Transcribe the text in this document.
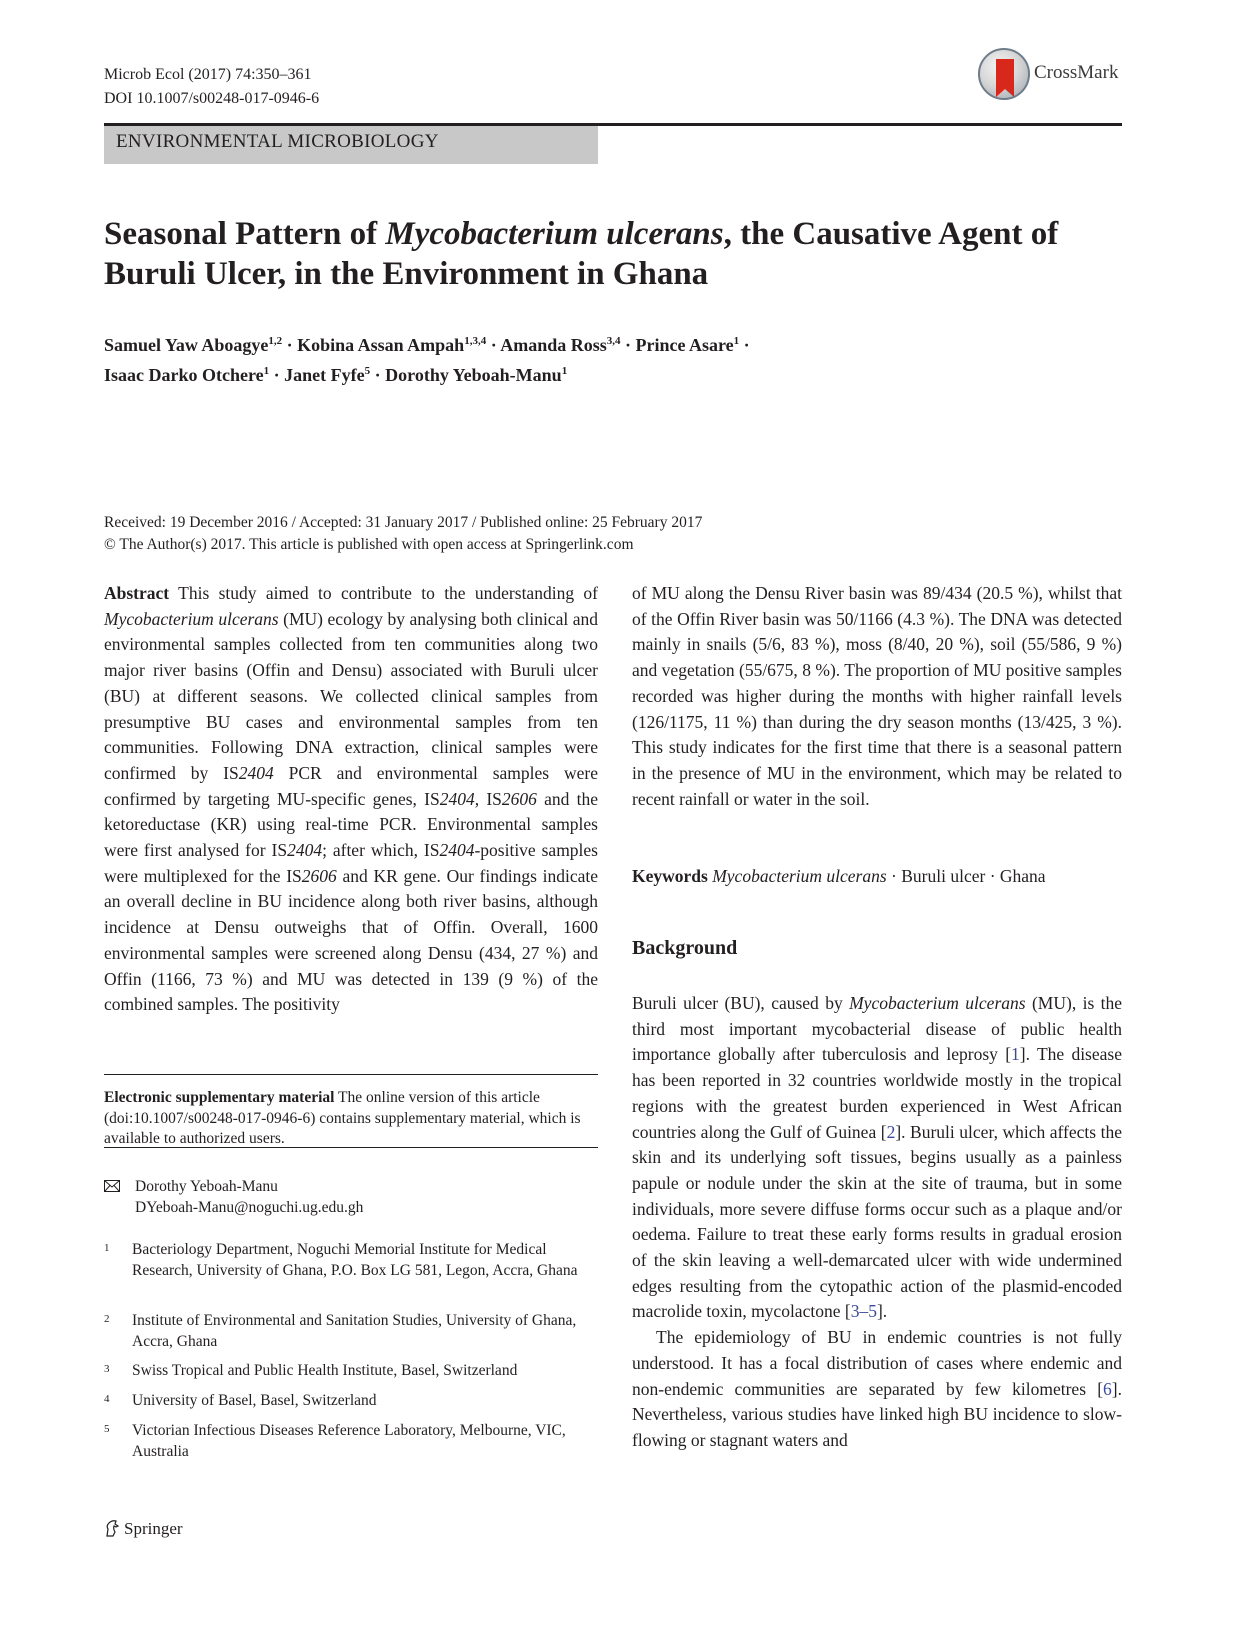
Microb Ecol (2017) 74:350–361
DOI 10.1007/s00248-017-0946-6
CrossMark
ENVIRONMENTAL MICROBIOLOGY
Seasonal Pattern of Mycobacterium ulcerans, the Causative Agent of Buruli Ulcer, in the Environment in Ghana
Samuel Yaw Aboagye$^{1,2}$ · Kobina Assan Ampah$^{1,3,4}$ · Amanda Ross$^{3,4}$ · Prince Asare$^1$ ·
Isaac Darko Otchere$^1$ · Janet Fyfe$^5$ · Dorothy Yeboah-Manu$^1$
Received: 19 December 2016 / Accepted: 31 January 2017 / Published online: 25 February 2017
© The Author(s) 2017. This article is published with open access at Springerlink.com
Abstract This study aimed to contribute to the understanding of Mycobacterium ulcerans (MU) ecology by analysing both clinical and environmental samples collected from ten communities along two major river basins (Offin and Densu) associated with Buruli ulcer (BU) at different seasons. We collected clinical samples from presumptive BU cases and environmental samples from ten communities. Following DNA extraction, clinical samples were confirmed by IS2404 PCR and environmental samples were confirmed by targeting MU-specific genes, IS2404, IS2606 and the ketoreductase (KR) using real-time PCR. Environmental samples were first analysed for IS2404; after which, IS2404-positive samples were multiplexed for the IS2606 and KR gene. Our findings indicate an overall decline in BU incidence along both river basins, although incidence at Densu outweighs that of Offin. Overall, 1600 environmental samples were screened along Densu (434, 27 %) and Offin (1166, 73 %) and MU was detected in 139 (9 %) of the combined samples. The positivity
of MU along the Densu River basin was 89/434 (20.5 %), whilst that of the Offin River basin was 50/1166 (4.3 %). The DNA was detected mainly in snails (5/6, 83 %), moss (8/40, 20 %), soil (55/586, 9 %) and vegetation (55/675, 8 %). The proportion of MU positive samples recorded was higher during the months with higher rainfall levels (126/1175, 11 %) than during the dry season months (13/425, 3 %). This study indicates for the first time that there is a seasonal pattern in the presence of MU in the environment, which may be related to recent rainfall or water in the soil.
Keywords Mycobacterium ulcerans · Buruli ulcer · Ghana
Background

Buruli ulcer (BU), caused by Mycobacterium ulcerans (MU), is the third most important mycobacterial disease of public health importance globally after tuberculosis and leprosy [1]. The disease has been reported in 32 countries worldwide mostly in the tropical regions with the greatest burden experienced in West African countries along the Gulf of Guinea [2]. Buruli ulcer, which affects the skin and its underlying soft tissues, begins usually as a painless papule or nodule under the skin at the site of trauma, but in some individuals, more severe diffuse forms occur such as a plaque and/or oedema. Failure to treat these early forms results in gradual erosion of the skin leaving a well-demarcated ulcer with wide undermined edges resulting from the cytopathic action of the plasmid-encoded macrolide toxin, mycolactone [3–5].

The epidemiology of BU in endemic countries is not fully understood. It has a focal distribution of cases where endemic and non-endemic communities are separated by few kilometres [6]. Nevertheless, various studies have linked high BU incidence to slow-flowing or stagnant waters and

Electronic supplementary material The online version of this article (doi:10.1007/s00248-017-0946-6) contains supplementary material, which is available to authorized users.
Dorothy Yeboah-Manu
DYeboah-Manu@noguchi.ug.edu.gh
1 Bacteriology Department, Noguchi Memorial Institute for Medical Research, University of Ghana, P.O. Box LG 581, Legon, Accra, Ghana
2 Institute of Environmental and Sanitation Studies, University of Ghana, Accra, Ghana
3 Swiss Tropical and Public Health Institute, Basel, Switzerland
4 University of Basel, Basel, Switzerland
5 Victorian Infectious Diseases Reference Laboratory, Melbourne, VIC, Australia
Springer
